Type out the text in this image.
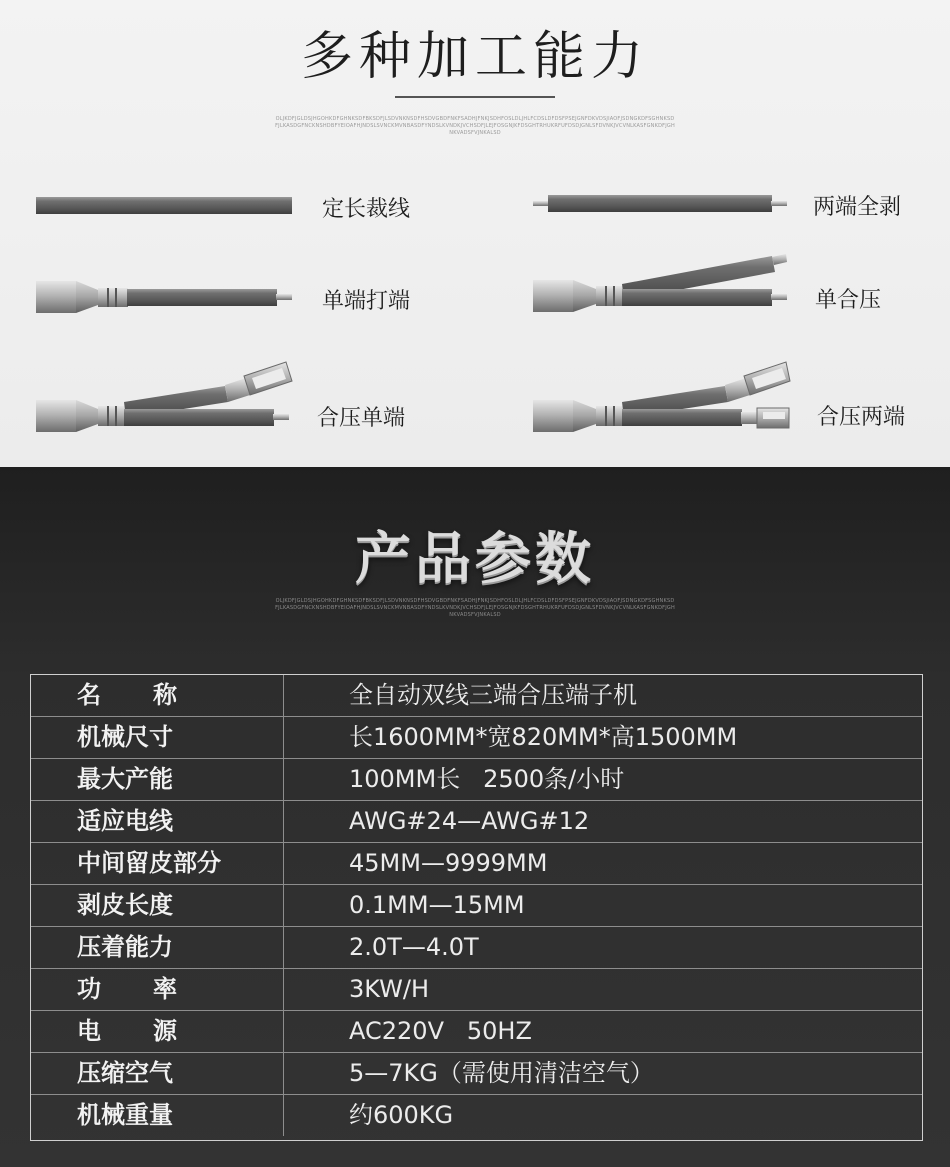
多种加工能力
OLJKDFJGLDSJHGOHKDFGHNKSDFBKSDFJLSDVNKNSDFHSDVGBDFNKFSADHJFNKJSDHFOSLDLJHLFCDSLDFDSFPSEJGNFDKVDSJIAOFJSDNGKDFSGHNKSDFJLKASDGFNCKNSHDBFYEIOAFHJNDSLSVNCKMVNBASDFYNDSLKVNDKJVCHSDFJLEJFOSGNJKFDSGHTRHUKRFUFDSDJGNLSFDVNKJVCVNLKASFGNKDFJGHNKVADSFVJNKALSD
定长裁线	两端全剥
单端打端	单合压
合压单端	合压两端
产品参数
OLJKDFJGLDSJHGOHKDFGHNKSDFBKSDFJLSDVNKNSDFHSDVGBDFNKFSADHJFNKJSDHFOSLDLJHLFCDSLDFDSFPSEJGNFDKVDSJIAOFJSDNGKDFSGHNKSDFJLKASDGFNCKNSHDBFYEIOAFHJNDSLSVNCKMVNBASDFYNDSLKVNDKJVCHSDFJLEJFOSGNJKFDSGHTRHUKRFUFDSDJGNLSFDVNKJVCVNLKASFGNKDFJGHNKVADSFVJNKALSD
名称	全自动双线三端合压端子机
机械尺寸	长1600MM*宽820MM*高1500MM
最大产能	100MM长   2500条/小时
适应电线	AWG#24—AWG#12
中间留皮部分	45MM—9999MM
剥皮长度	0.1MM—15MM
压着能力	2.0T—4.0T
功率	3KW/H
电源	AC220V   50HZ
压缩空气	5—7KG（需使用清洁空气）
机械重量	约600KG
